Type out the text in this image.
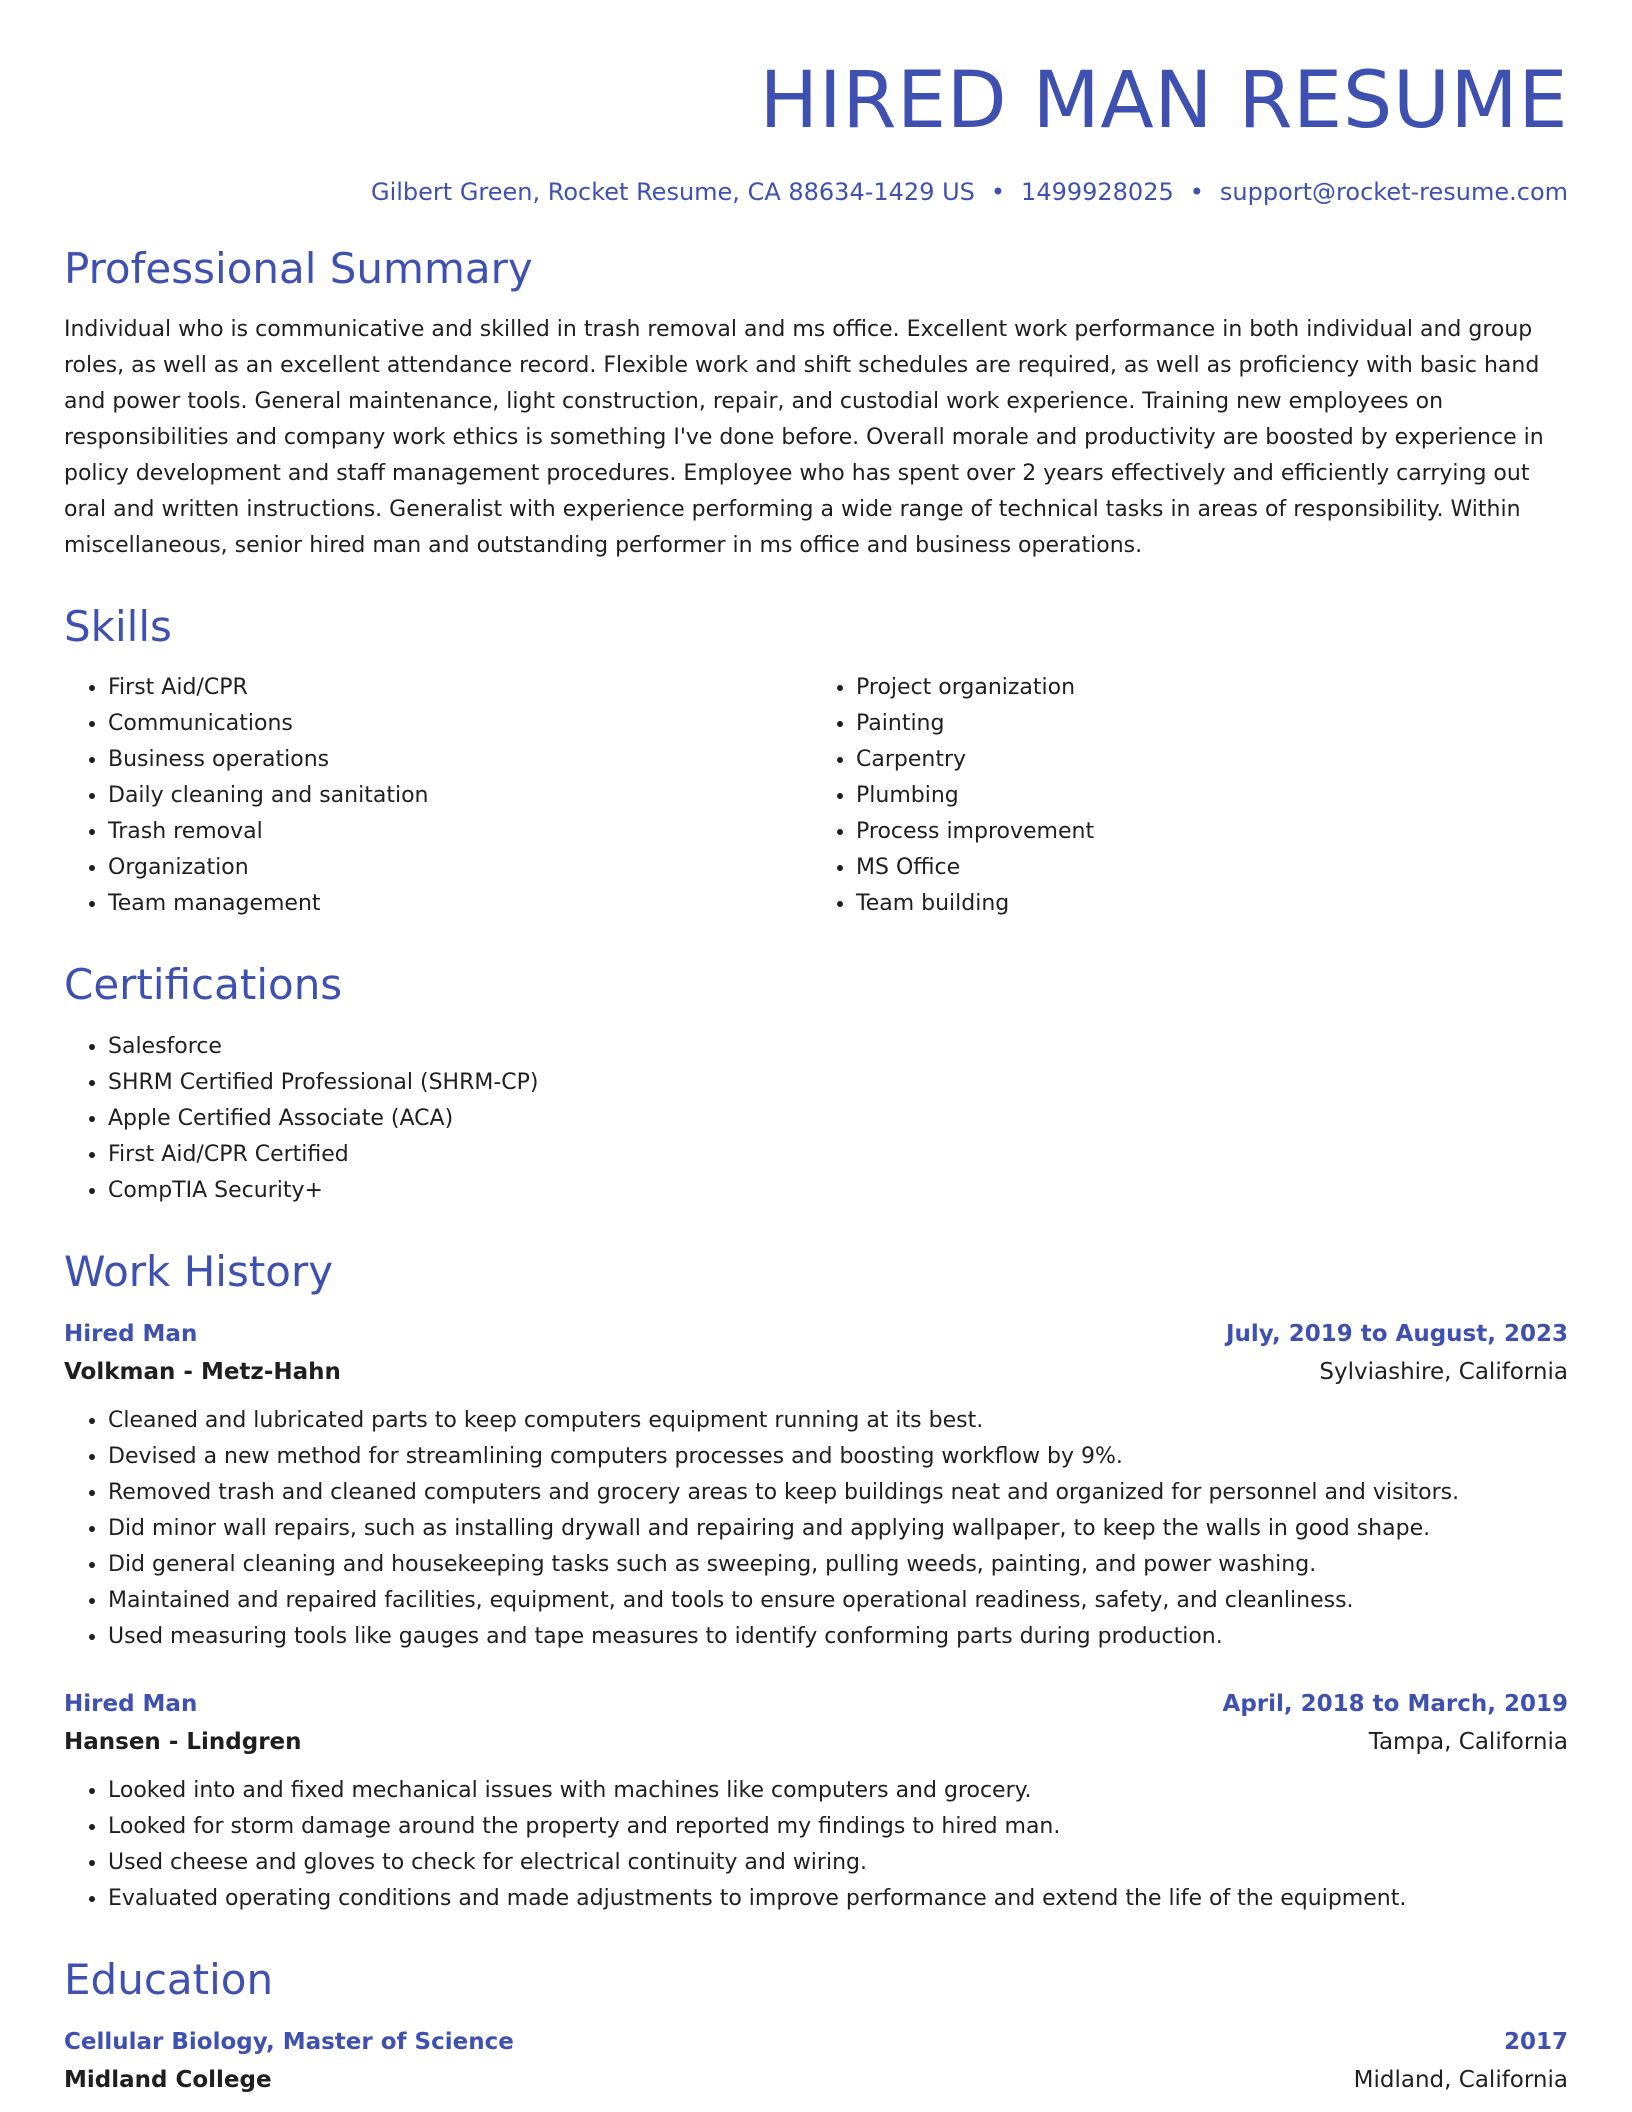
HIRED MAN RESUME
Gilbert Green, Rocket Resume, CA 88634-1429 US • 1499928025 • support@rocket-resume.com
Professional Summary

Individual who is communicative and skilled in trash removal and ms office. Excellent work performance in both individual and group roles, as well as an excellent attendance record. Flexible work and shift schedules are required, as well as proficiency with basic hand and power tools. General maintenance, light construction, repair, and custodial work experience. Training new employees on responsibilities and company work ethics is something I've done before. Overall morale and productivity are boosted by experience in policy development and staff management procedures. Employee who has spent over 2 years effectively and efficiently carrying out oral and written instructions. Generalist with experience performing a wide range of technical tasks in areas of responsibility. Within miscellaneous, senior hired man and outstanding performer in ms office and business operations.

Skills
• First Aid/CPR
• Communications
• Business operations
• Daily cleaning and sanitation
• Trash removal
• Organization
• Team management
• Project organization
• Painting
• Carpentry
• Plumbing
• Process improvement
• MS Office
• Team building
Certifications
• Salesforce
• SHRM Certified Professional (SHRM-CP)
• Apple Certified Associate (ACA)
• First Aid/CPR Certified
• CompTIA Security+
Work History
Hired Man	July, 2019 to August, 2023
Volkman - Metz-Hahn	Sylviashire, California
• Cleaned and lubricated parts to keep computers equipment running at its best.
• Devised a new method for streamlining computers processes and boosting workflow by 9%.
• Removed trash and cleaned computers and grocery areas to keep buildings neat and organized for personnel and visitors.
• Did minor wall repairs, such as installing drywall and repairing and applying wallpaper, to keep the walls in good shape.
• Did general cleaning and housekeeping tasks such as sweeping, pulling weeds, painting, and power washing.
• Maintained and repaired facilities, equipment, and tools to ensure operational readiness, safety, and cleanliness.
• Used measuring tools like gauges and tape measures to identify conforming parts during production.
Hired Man	April, 2018 to March, 2019
Hansen - Lindgren	Tampa, California
• Looked into and fixed mechanical issues with machines like computers and grocery.
• Looked for storm damage around the property and reported my findings to hired man.
• Used cheese and gloves to check for electrical continuity and wiring.
• Evaluated operating conditions and made adjustments to improve performance and extend the life of the equipment.
Education
Cellular Biology, Master of Science	2017
Midland College	Midland, California
